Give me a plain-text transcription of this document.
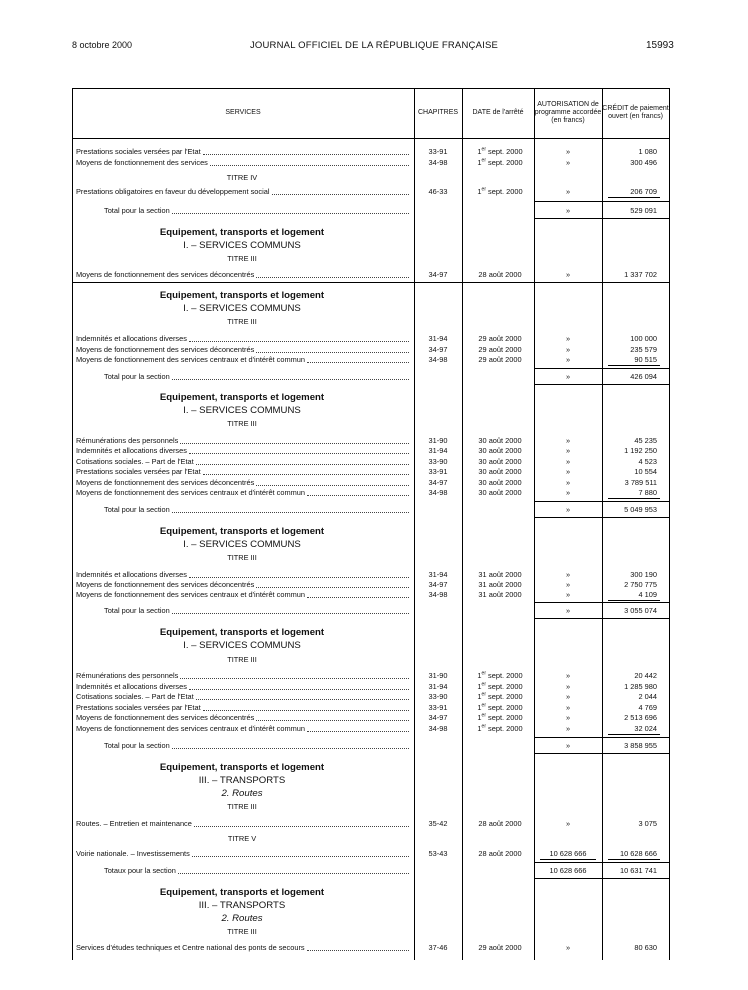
8 octobre 2000	JOURNAL OFFICIEL DE LA RÉPUBLIQUE FRANÇAISE	15993
SERVICES	CHAPITRES	DATE de l'arrêté
AUTORISATION de programme accordée (en francs)
CRÉDIT de paiement ouvert (en francs)
Prestations sociales versées par l'Etat	33-91	1er sept. 2000	»	1 080
Moyens de fonctionnement des services	34-98	1er sept. 2000	»	300 496
TITRE IV
Prestations obligatoires en faveur du développement social	46-33	1er sept. 2000	»	206 709
Total pour la section	»	529 091
Equipement, transports et logement
I. – SERVICES COMMUNS
TITRE III
Moyens de fonctionnement des services déconcentrés	34-97	28 août 2000	»	1 337 702
Equipement, transports et logement
I. – SERVICES COMMUNS
TITRE III
Indemnités et allocations diverses	31-94	29 août 2000	»	100 000
Moyens de fonctionnement des services déconcentrés	34-97	29 août 2000	»	235 579
Moyens de fonctionnement des services centraux et d'intérêt commun	34-98	29 août 2000	»	90 515
Total pour la section	»	426 094
Equipement, transports et logement
I. – SERVICES COMMUNS
TITRE III
Rémunérations des personnels	31-90	30 août 2000	»	45 235
Indemnités et allocations diverses	31-94	30 août 2000	»	1 192 250
Cotisations sociales. – Part de l'Etat	33-90	30 août 2000	»	4 523
Prestations sociales versées par l'Etat	33-91	30 août 2000	»	10 554
Moyens de fonctionnement des services déconcentrés	34-97	30 août 2000	»	3 789 511
Moyens de fonctionnement des services centraux et d'intérêt commun	34-98	30 août 2000	»	7 880
Total pour la section	»	5 049 953
Equipement, transports et logement
I. – SERVICES COMMUNS
TITRE III
Indemnités et allocations diverses	31-94	31 août 2000	»	300 190
Moyens de fonctionnement des services déconcentrés	34-97	31 août 2000	»	2 750 775
Moyens de fonctionnement des services centraux et d'intérêt commun	34-98	31 août 2000	»	4 109
Total pour la section	»	3 055 074
Equipement, transports et logement
I. – SERVICES COMMUNS
TITRE III
Rémunérations des personnels	31-90	1er sept. 2000	»	20 442
Indemnités et allocations diverses	31-94	1er sept. 2000	»	1 285 980
Cotisations sociales. – Part de l'Etat	33-90	1er sept. 2000	»	2 044
Prestations sociales versées par l'Etat	33-91	1er sept. 2000	»	4 769
Moyens de fonctionnement des services déconcentrés	34-97	1er sept. 2000	»	2 513 696
Moyens de fonctionnement des services centraux et d'intérêt commun	34-98	1er sept. 2000	»	32 024
Total pour la section	»	3 858 955
Equipement, transports et logement
III. – TRANSPORTS
2. Routes
TITRE III
Routes. – Entretien et maintenance	35-42	28 août 2000	»	3 075
TITRE V
Voirie nationale. – Investissements	53-43	28 août 2000	10 628 666	10 628 666
Totaux pour la section	10 628 666	10 631 741
Equipement, transports et logement
III. – TRANSPORTS
2. Routes
TITRE III
Services d'études techniques et Centre national des ponts de secours	37-46	29 août 2000	»	80 630
